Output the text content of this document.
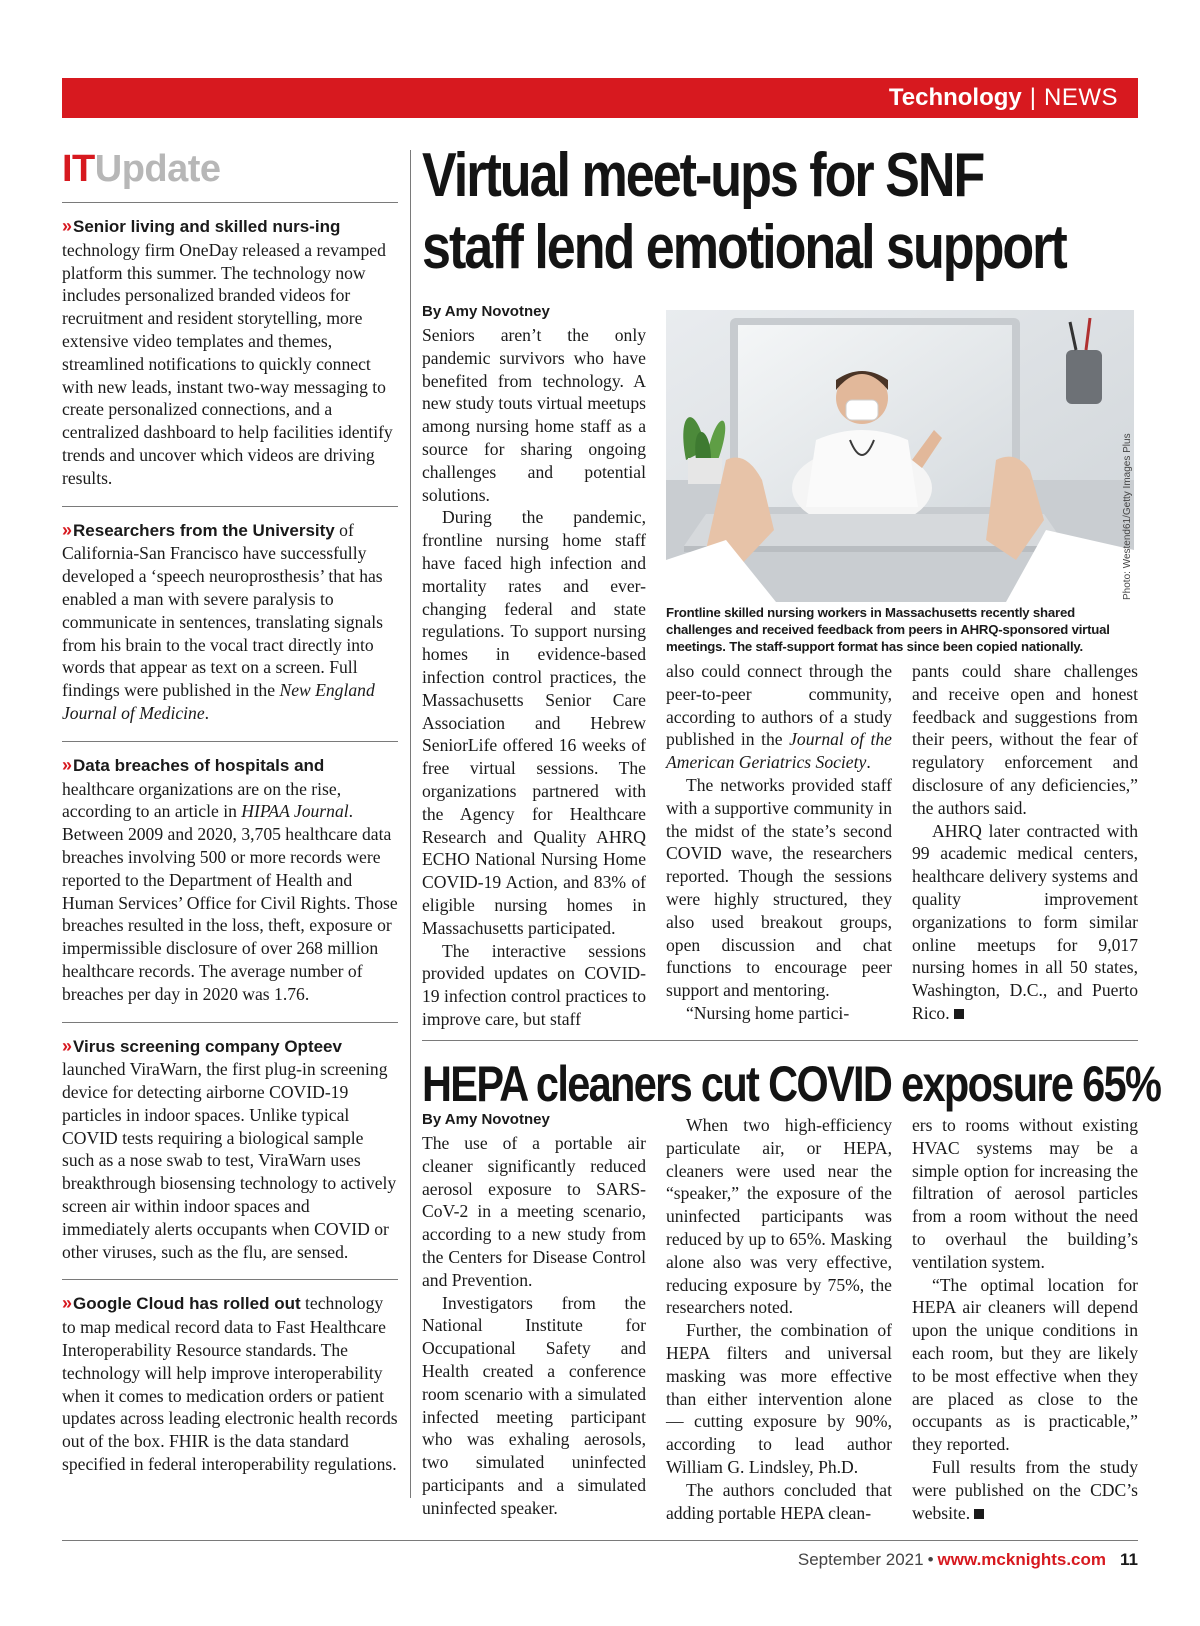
Technology | NEWS
ITUpdate

» Senior living and skilled nurs-ing technology firm OneDay released a revamped platform this summer. The technology now includes personalized branded videos for recruitment and resident storytelling, more extensive video templates and themes, streamlined notifications to quickly connect with new leads, instant two-way messaging to create personalized connections, and a centralized dashboard to help facilities identify trends and uncover which videos are driving results.

» Researchers from the University of California-San Francisco have successfully developed a ‘speech neuroprosthesis’ that has enabled a man with severe paralysis to communicate in sentences, translating signals from his brain to the vocal tract directly into words that appear as text on a screen. Full findings were published in the New England Journal of Medicine.

» Data breaches of hospitals and healthcare organizations are on the rise, according to an article in HIPAA Journal. Between 2009 and 2020, 3,705 healthcare data breaches involving 500 or more records were reported to the Department of Health and Human Services’ Office for Civil Rights. Those breaches resulted in the loss, theft, exposure or impermissible disclosure of over 268 million healthcare records. The average number of breaches per day in 2020 was 1.76.

» Virus screening company Opteev launched ViraWarn, the first plug-in screening device for detecting airborne COVID-19 particles in indoor spaces. Unlike typical COVID tests requiring a biological sample such as a nose swab to test, ViraWarn uses breakthrough biosensing technology to actively screen air within indoor spaces and immediately alerts occupants when COVID or other viruses, such as the flu, are sensed.

» Google Cloud has rolled out technology to map medical record data to Fast Healthcare Interoperability Resource standards. The technology will help improve interoperability when it comes to medication orders or patient updates across leading electronic health records out of the box. FHIR is the data standard specified in federal interoperability regulations.

Virtual meet-ups for SNF
staff lend emotional support
By Amy Novotney

Seniors aren’t the only pandemic survivors who have benefited from technology. A new study touts virtual meetups among nursing home staff as a source for sharing ongoing challenges and potential solutions.

During the pandemic, frontline nursing home staff have faced high infection and mortality rates and ever-changing federal and state regulations. To support nursing homes in evidence-based infection control practices, the Massachusetts Senior Care Association and Hebrew SeniorLife offered 16 weeks of free virtual sessions. The organizations partnered with the Agency for Healthcare Research and Quality AHRQ ECHO National Nursing Home COVID-19 Action, and 83% of eligible nursing homes in Massachusetts participated.

The interactive sessions provided updates on COVID-19 infection control practices to improve care, but staff

Photo: Westend61/Getty Images Plus

Frontline skilled nursing workers in Massachusetts recently shared challenges and received feedback from peers in AHRQ-sponsored virtual meetings. The staff-support format has since been copied nationally.

also could connect through the peer-to-peer community, according to authors of a study published in the Journal of the American Geriatrics Society.

The networks provided staff with a supportive community in the midst of the state’s second COVID wave, the researchers reported. Though the sessions were highly structured, they also used breakout groups, open discussion and chat functions to encourage peer support and mentoring.

“Nursing home partici-

pants could share challenges and receive open and honest feedback and suggestions from their peers, without the fear of regulatory enforcement and disclosure of any deficiencies,” the authors said.

AHRQ later contracted with 99 academic medical centers, healthcare delivery systems and quality improvement organizations to form similar online meetups for 9,017 nursing homes in all 50 states, Washington, D.C., and Puerto Rico.

HEPA cleaners cut COVID exposure 65%
By Amy Novotney

The use of a portable air cleaner significantly reduced aerosol exposure to SARS-CoV-2 in a meeting scenario, according to a new study from the Centers for Disease Control and Prevention.

Investigators from the National Institute for Occupational Safety and Health created a conference room scenario with a simulated infected meeting participant who was exhaling aerosols, two simulated uninfected participants and a simulated uninfected speaker.

When two high-efficiency particulate air, or HEPA, cleaners were used near the “speaker,” the exposure of the uninfected participants was reduced by up to 65%. Masking alone also was very effective, reducing exposure by 75%, the researchers noted.

Further, the combination of HEPA filters and universal masking was more effective than either intervention alone — cutting exposure by 90%, according to lead author William G. Lindsley, Ph.D.

The authors concluded that adding portable HEPA clean-

ers to rooms without existing HVAC systems may be a simple option for increasing the filtration of aerosol particles from a room without the need to overhaul the building’s ventilation system.

“The optimal location for HEPA air cleaners will depend upon the unique conditions in each room, but they are likely to be most effective when they are placed as close to the occupants as is practicable,” they reported.

Full results from the study were published on the CDC’s website.

September 2021 • www.mcknights.com 11
